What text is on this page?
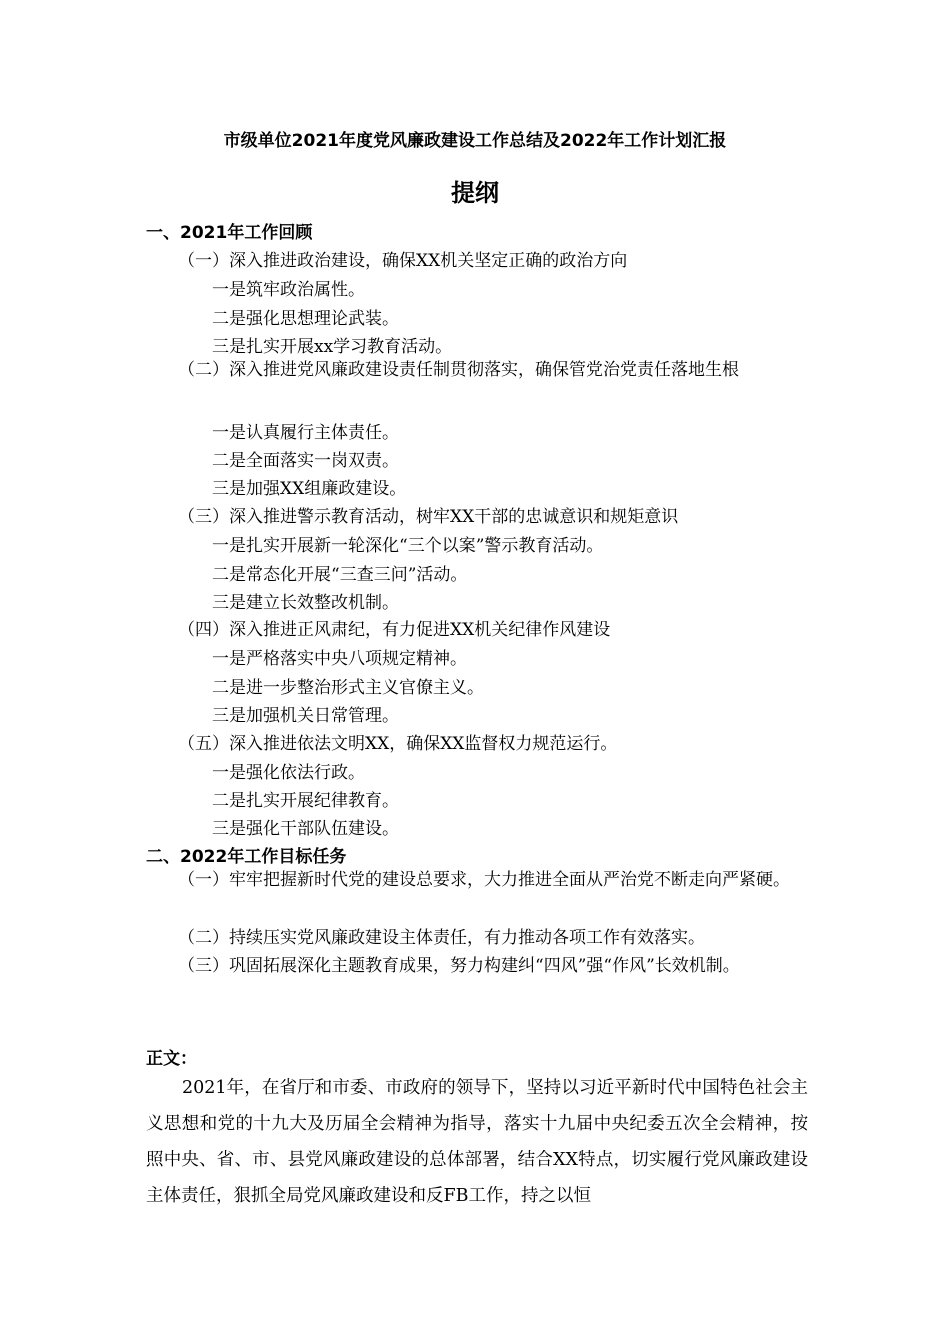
市级单位2021年度党风廉政建设工作总结及2022年工作计划汇报
提纲
一、2021年工作回顾
（一）深入推进政治建设，确保XX机关坚定正确的政治方向
一是筑牢政治属性。
二是强化思想理论武装。
三是扎实开展xx学习教育活动。
（二）深入推进党风廉政建设责任制贯彻落实，确保管党治党责任落地生根
一是认真履行主体责任。
二是全面落实一岗双责。
三是加强XX组廉政建设。
（三）深入推进警示教育活动，树牢XX干部的忠诚意识和规矩意识
一是扎实开展新一轮深化“三个以案”警示教育活动。
二是常态化开展“三查三问”活动。
三是建立长效整改机制。
（四）深入推进正风肃纪，有力促进XX机关纪律作风建设
一是严格落实中央八项规定精神。
二是进一步整治形式主义官僚主义。
三是加强机关日常管理。
（五）深入推进依法文明XX，确保XX监督权力规范运行。
一是强化依法行政。
二是扎实开展纪律教育。
三是强化干部队伍建设。
二、2022年工作目标任务
（一）牢牢把握新时代党的建设总要求，大力推进全面从严治党不断走向严紧硬。
（二）持续压实党风廉政建设主体责任，有力推动各项工作有效落实。
（三）巩固拓展深化主题教育成果，努力构建纠“四风”强“作风”长效机制。
正文：
2021年，在省厅和市委、市政府的领导下，坚持以习近平新时代中国特色社会主义思想和党的十九大及历届全会精神为指导，落实十九届中央纪委五次全会精神，按照中央、省、市、县党风廉政建设的总体部署，结合XX特点，切实履行党风廉政建设主体责任，狠抓全局党风廉政建设和反FB工作，持之以恒
